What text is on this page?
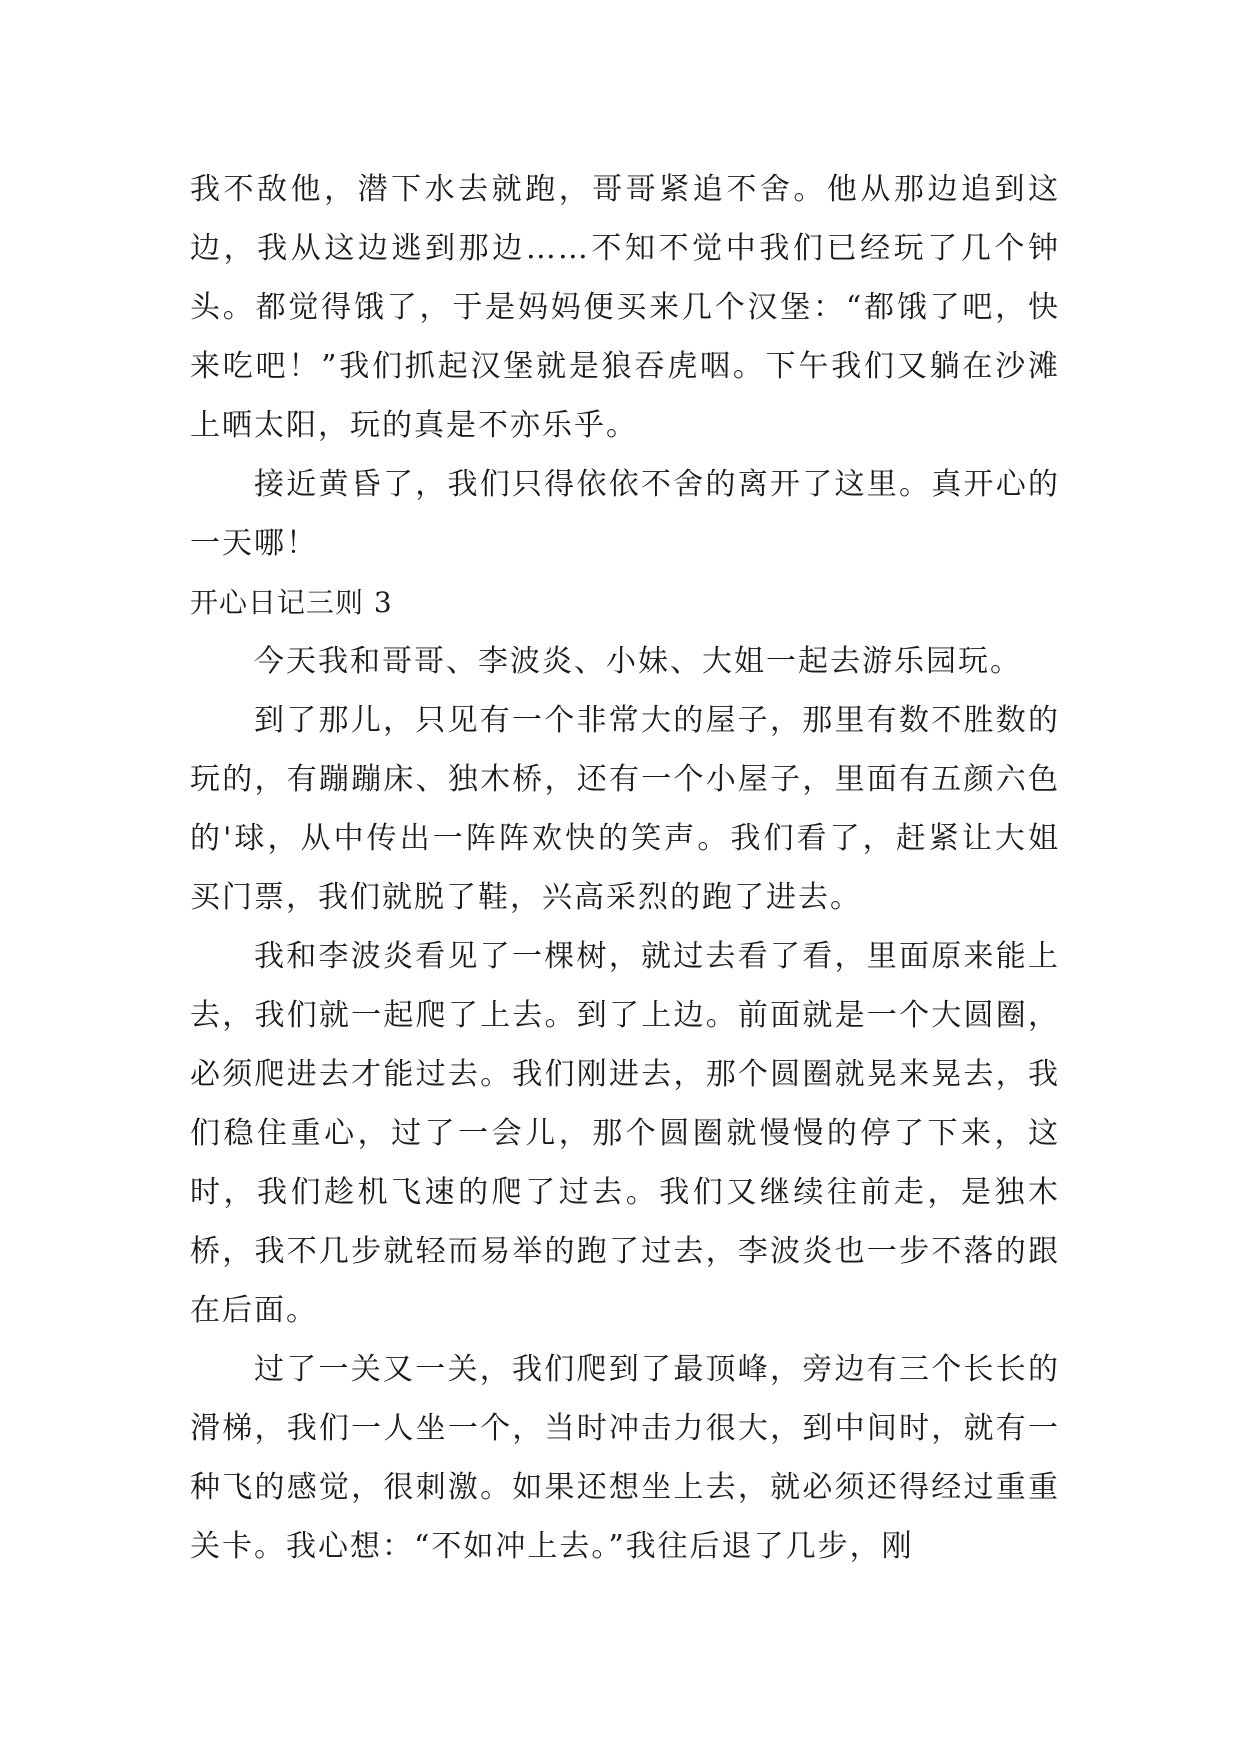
我不敌他，潜下水去就跑，哥哥紧追不舍。他从那边追到这边，我从这边逃到那边……不知不觉中我们已经玩了几个钟头。都觉得饿了，于是妈妈便买来几个汉堡：“都饿了吧，快来吃吧！”我们抓起汉堡就是狼吞虎咽。下午我们又躺在沙滩上晒太阳，玩的真是不亦乐乎。

接近黄昏了，我们只得依依不舍的离开了这里。真开心的一天哪！

开心日记三则 3

今天我和哥哥、李波炎、小妹、大姐一起去游乐园玩。

到了那儿，只见有一个非常大的屋子，那里有数不胜数的玩的，有蹦蹦床、独木桥，还有一个小屋子，里面有五颜六色的'球，从中传出一阵阵欢快的笑声。我们看了，赶紧让大姐买门票，我们就脱了鞋，兴高采烈的跑了进去。

我和李波炎看见了一棵树，就过去看了看，里面原来能上去，我们就一起爬了上去。到了上边。前面就是一个大圆圈，必须爬进去才能过去。我们刚进去，那个圆圈就晃来晃去，我们稳住重心，过了一会儿，那个圆圈就慢慢的停了下来，这时，我们趁机飞速的爬了过去。我们又继续往前走，是独木桥，我不几步就轻而易举的跑了过去，李波炎也一步不落的跟在后面。

过了一关又一关，我们爬到了最顶峰，旁边有三个长长的滑梯，我们一人坐一个，当时冲击力很大，到中间时，就有一种飞的感觉，很刺激。如果还想坐上去，就必须还得经过重重关卡。我心想：“不如冲上去。”我往后退了几步，刚
